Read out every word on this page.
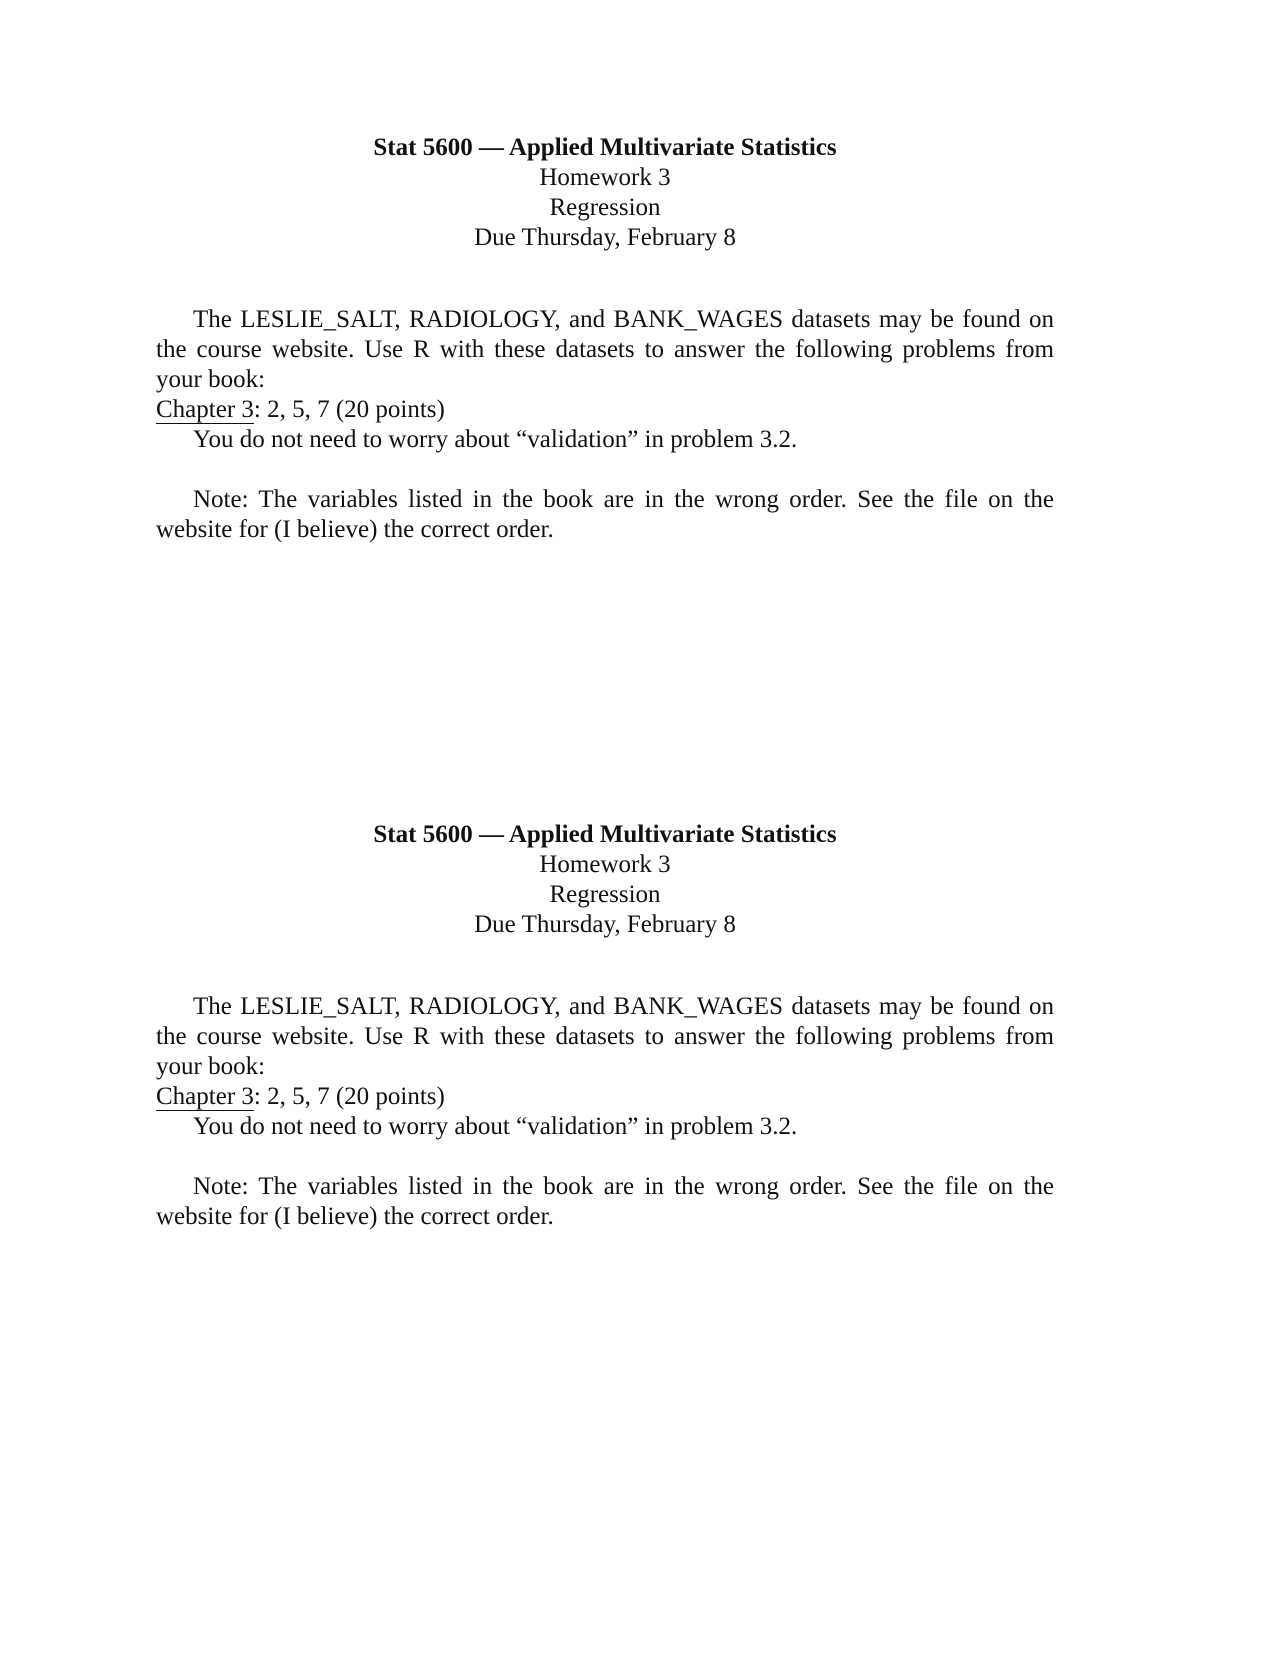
Stat 5600 — Applied Multivariate Statistics
Homework 3
Regression
Due Thursday, February 8

The LESLIE_SALT, RADIOLOGY, and BANK_WAGES datasets may be found on the course website. Use R with these datasets to answer the following problems from your book:

Chapter 3: 2, 5, 7 (20 points)
You do not need to worry about “validation” in problem 3.2.

Note: The variables listed in the book are in the wrong order. See the file on the website for (I believe) the correct order.

Stat 5600 — Applied Multivariate Statistics
Homework 3
Regression
Due Thursday, February 8

The LESLIE_SALT, RADIOLOGY, and BANK_WAGES datasets may be found on the course website. Use R with these datasets to answer the following problems from your book:

Chapter 3: 2, 5, 7 (20 points)
You do not need to worry about “validation” in problem 3.2.

Note: The variables listed in the book are in the wrong order. See the file on the website for (I believe) the correct order.
